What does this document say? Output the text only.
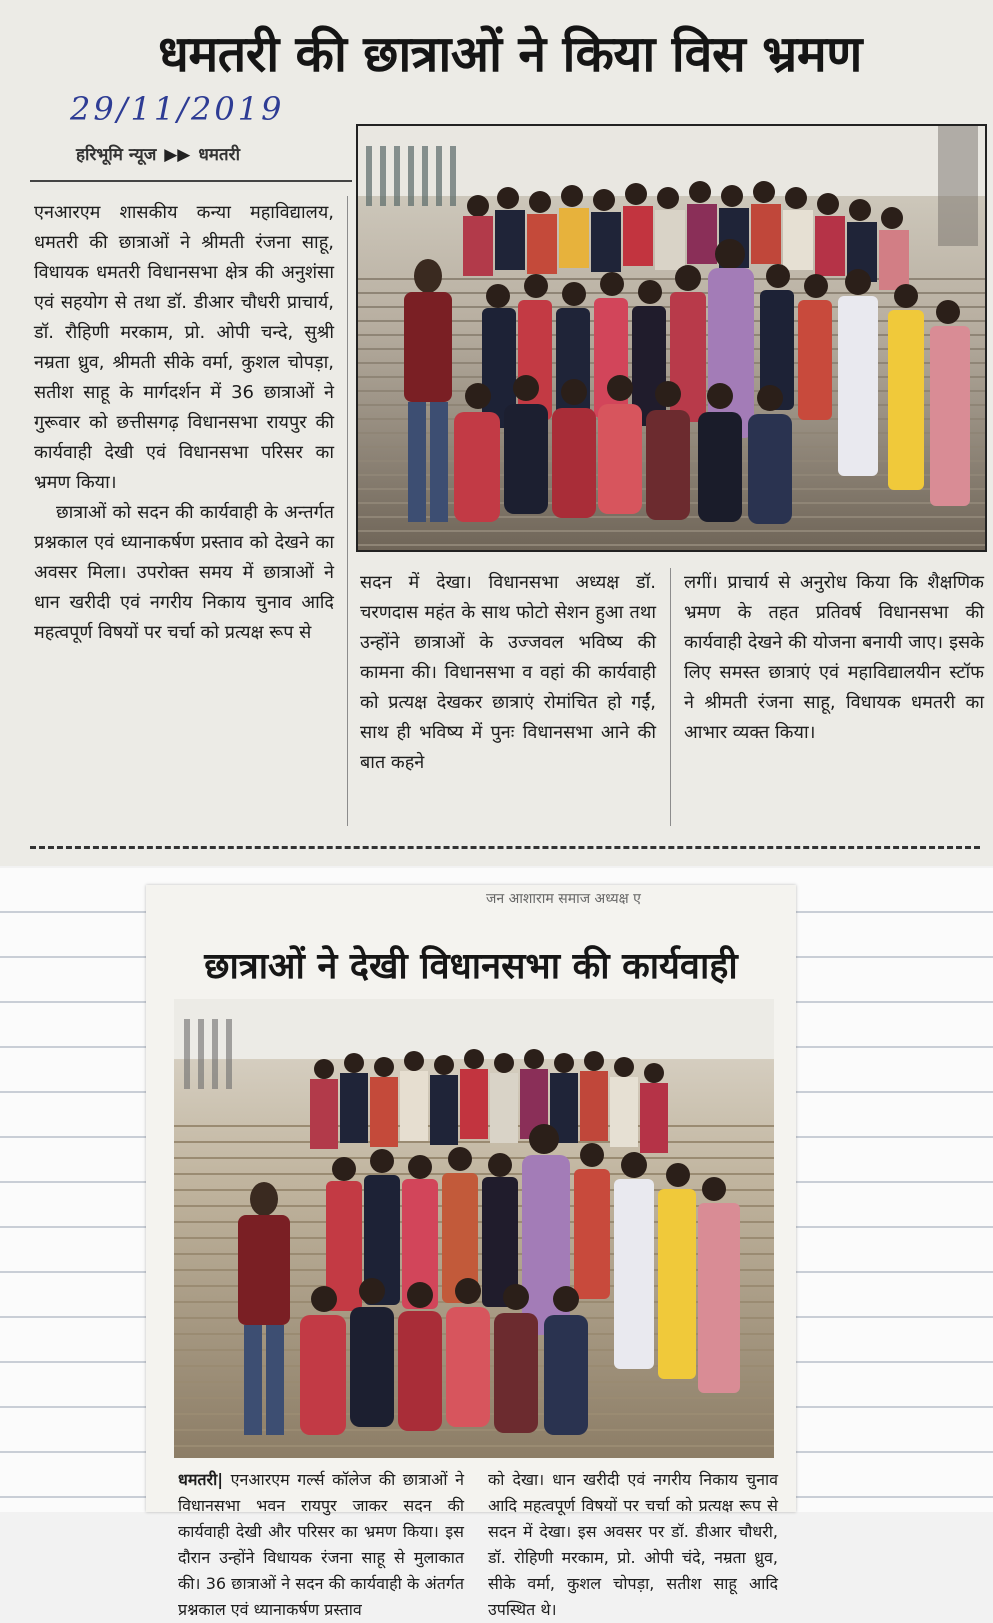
धमतरी की छात्राओं ने किया विस भ्रमण
29/11/2019
हरिभूमि न्यूज ▶▶ धमतरी

एनआरएम शासकीय कन्या महाविद्यालय, धमतरी की छात्राओं ने श्रीमती रंजना साहू, विधायक धमतरी विधानसभा क्षेत्र की अनुशंसा एवं सहयोग से तथा डॉ. डीआर चौधरी प्राचार्य, डॉ. रौहिणी मरकाम, प्रो. ओपी चन्दे, सुश्री नम्रता ध्रुव, श्रीमती सीके वर्मा, कुशल चोपड़ा, सतीश साहू के मार्गदर्शन में 36 छात्राओं ने गुरूवार को छत्तीसगढ़ विधानसभा रायपुर की कार्यवाही देखी एवं विधानसभा परिसर का भ्रमण किया।

छात्राओं को सदन की कार्यवाही के अन्तर्गत प्रश्नकाल एवं ध्यानाकर्षण प्रस्ताव को देखने का अवसर मिला। उपरोक्त समय में छात्राओं ने धान खरीदी एवं नगरीय निकाय चुनाव आदि महत्वपूर्ण विषयों पर चर्चा को प्रत्यक्ष रूप से

सदन में देखा। विधानसभा अध्यक्ष डॉ. चरणदास महंत के साथ फोटो सेशन हुआ तथा उन्होंने छात्राओं के उज्जवल भविष्य की कामना की। विधानसभा व वहां की कार्यवाही को प्रत्यक्ष देखकर छात्राएं रोमांचित हो गईं, साथ ही भविष्य में पुनः विधानसभा आने की बात कहने
लगीं। प्राचार्य से अनुरोध किया कि शैक्षणिक भ्रमण के तहत प्रतिवर्ष विधानसभा की कार्यवाही देखने की योजना बनायी जाए। इसके लिए समस्त छात्राएं एवं महाविद्यालयीन स्टॉफ ने श्रीमती रंजना साहू, विधायक धमतरी का आभार व्यक्त किया।
जन आशाराम समाज अध्यक्ष ए
छात्राओं ने देखी विधानसभा की कार्यवाही
धमतरी| एनआरएम गर्ल्स कॉलेज की छात्राओं ने विधानसभा भवन रायपुर जाकर सदन की कार्यवाही देखी और परिसर का भ्रमण किया। इस दौरान उन्होंने विधायक रंजना साहू से मुलाकात की। 36 छात्राओं ने सदन की कार्यवाही के अंतर्गत प्रश्नकाल एवं ध्यानाकर्षण प्रस्ताव
को देखा। धान खरीदी एवं नगरीय निकाय चुनाव आदि महत्वपूर्ण विषयों पर चर्चा को प्रत्यक्ष रूप से सदन में देखा। इस अवसर पर डॉ. डीआर चौधरी, डॉ. रोहिणी मरकाम, प्रो. ओपी चंदे, नम्रता ध्रुव, सीके वर्मा, कुशल चोपड़ा, सतीश साहू आदि उपस्थित थे।
